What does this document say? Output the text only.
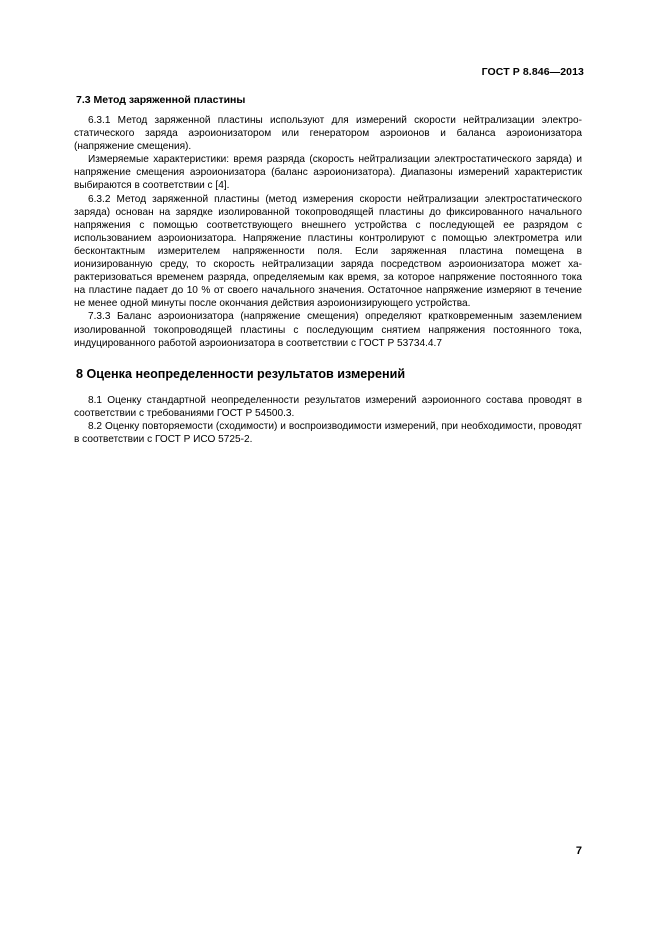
ГОСТ Р 8.846—2013
7.3 Метод заряженной пластины

6.3.1 Метод заряженной пластины используют для измерений скорости нейтрализации электростатического заряда аэроионизатором или генератором аэроионов и баланса аэроионизатора (напряжение смещения).

Измеряемые характеристики: время разряда (скорость нейтрализации электростатического заряда) и напряжение смещения аэроионизатора (баланс аэроионизатора). Диапазоны измерений характеристик выбираются в соответствии с [4].

6.3.2 Метод заряженной пластины (метод измерения скорости нейтрализации электростатического заряда) основан на зарядке изолированной токопроводящей пластины до фиксированного начального напряжения с помощью соответствующего внешнего устройства с последующей ее разрядом с использованием аэроионизатора. Напряжение пластины контролируют с помощью электрометра или бесконтактным измерителем напряженности поля. Если заряженная пластина помещена в ионизированную среду, то скорость нейтрализации заряда посредством аэроионизатора может характеризоваться временем разряда, определяемым как время, за которое напряжение постоянного тока на пластине падает до 10 % от своего начального значения. Остаточное напряжение измеряют в течение не менее одной минуты после окончания действия аэроионизирующего устройства.

7.3.3 Баланс аэроионизатора (напряжение смещения) определяют кратковременным заземлением изолированной токопроводящей пластины с последующим снятием напряжения постоянного тока, индуцированного работой аэроионизатора в соответствии с ГОСТ Р 53734.4.7

8 Оценка неопределенности результатов измерений

8.1 Оценку стандартной неопределенности результатов измерений аэроионного состава проводят в соответствии с требованиями ГОСТ Р 54500.3.

8.2 Оценку повторяемости (сходимости) и воспроизводимости измерений, при необходимости, проводят в соответствии с ГОСТ Р ИСО 5725-2.

7
